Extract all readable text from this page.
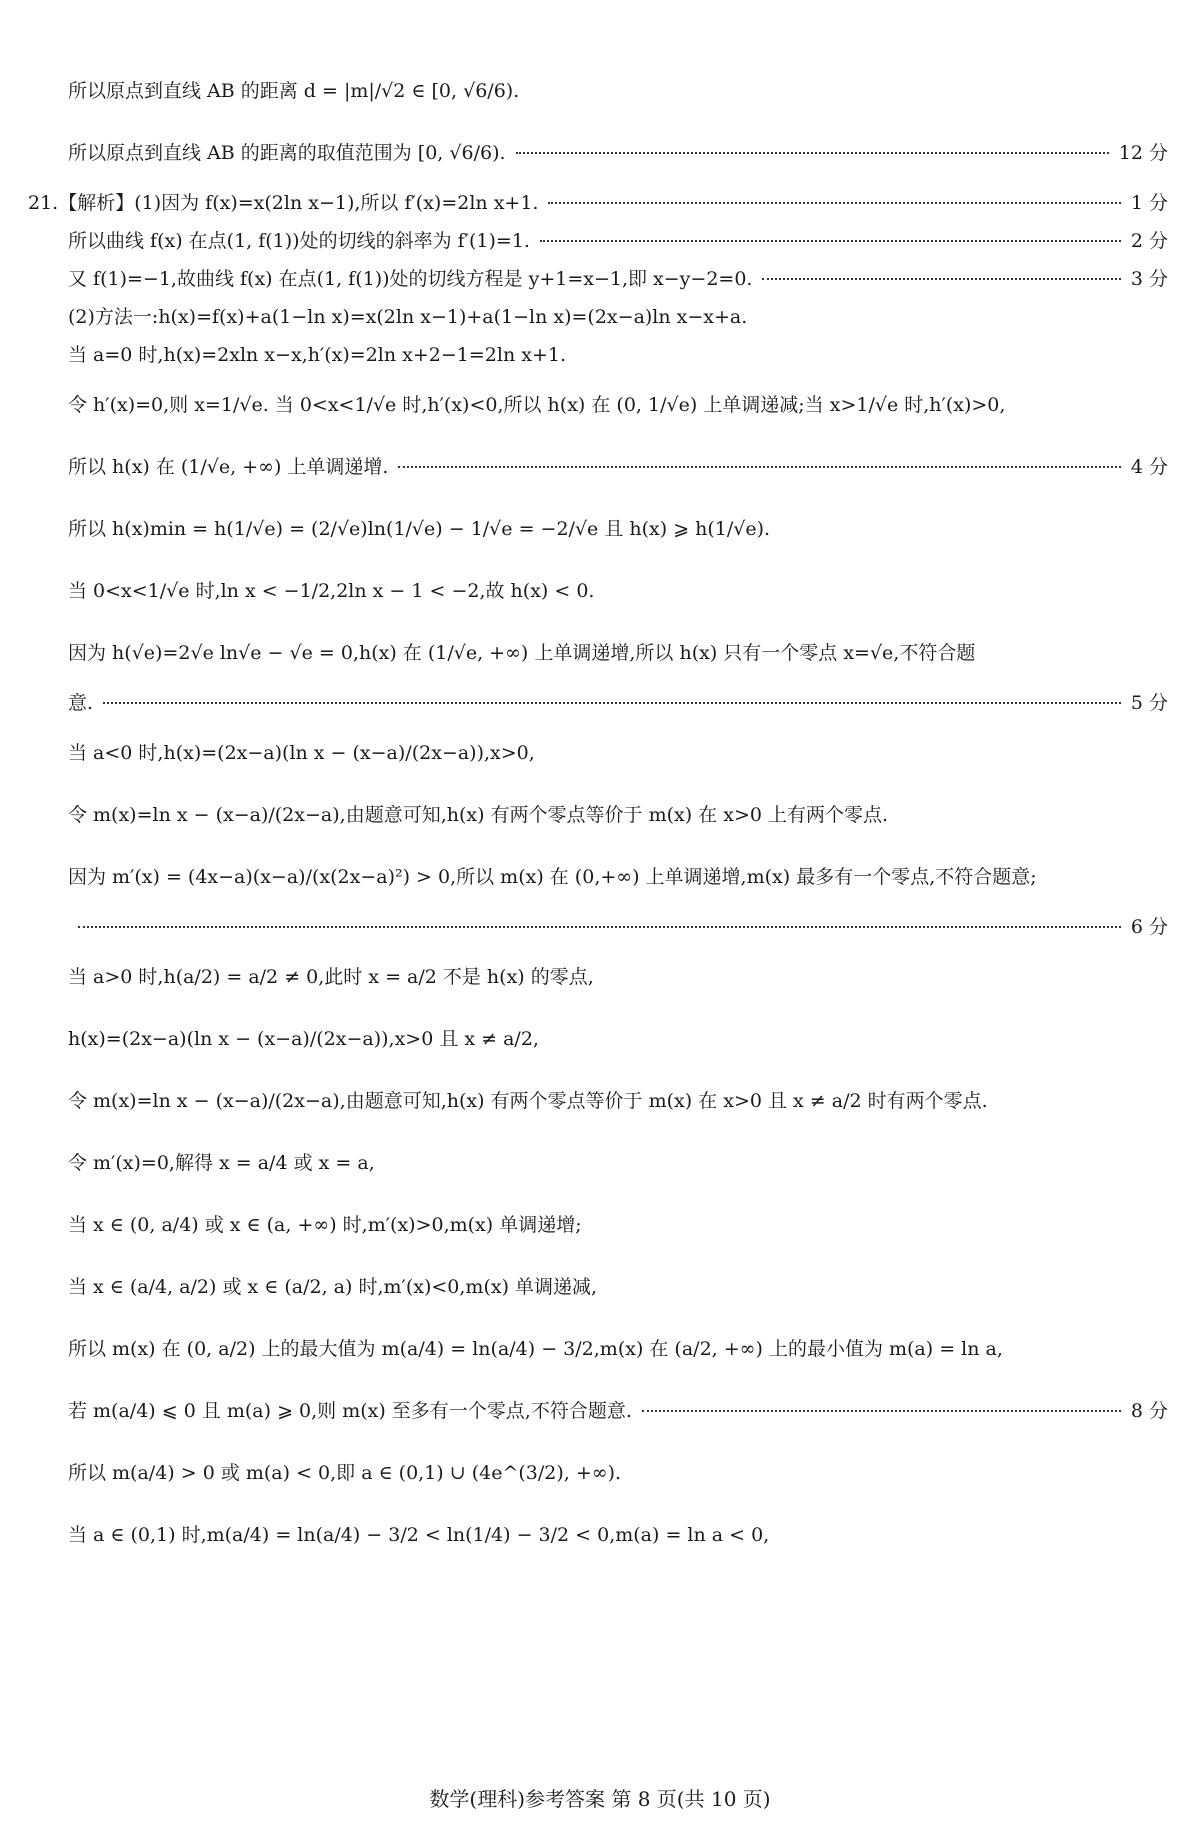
所以原点到直线 AB 的距离 d = |m|/√2 ∈ [0, √6/6).
所以原点到直线 AB 的距离的取值范围为 [0, √6/6).	12 分
21.【解析】(1)因为 f(x)=x(2ln x−1),所以 f′(x)=2ln x+1.	1 分
所以曲线 f(x) 在点(1, f(1))处的切线的斜率为 f′(1)=1.	2 分
又 f(1)=−1,故曲线 f(x) 在点(1, f(1))处的切线方程是 y+1=x−1,即 x−y−2=0.	3 分
(2)方法一:h(x)=f(x)+a(1−ln x)=x(2ln x−1)+a(1−ln x)=(2x−a)ln x−x+a.
当 a=0 时,h(x)=2xln x−x,h′(x)=2ln x+2−1=2ln x+1.
令 h′(x)=0,则 x=1/√e. 当 0<x<1/√e 时,h′(x)<0,所以 h(x) 在 (0, 1/√e) 上单调递减;当 x>1/√e 时,h′(x)>0,
所以 h(x) 在 (1/√e, +∞) 上单调递增.	4 分
所以 h(x)min = h(1/√e) = (2/√e)ln(1/√e) − 1/√e = −2/√e 且 h(x) ⩾ h(1/√e).
当 0<x<1/√e 时,ln x < −1/2,2ln x − 1 < −2,故 h(x) < 0.
因为 h(√e)=2√e ln√e − √e = 0,h(x) 在 (1/√e, +∞) 上单调递增,所以 h(x) 只有一个零点 x=√e,不符合题
意.	5 分
当 a<0 时,h(x)=(2x−a)(ln x − (x−a)/(2x−a)),x>0,
令 m(x)=ln x − (x−a)/(2x−a),由题意可知,h(x) 有两个零点等价于 m(x) 在 x>0 上有两个零点.
因为 m′(x) = (4x−a)(x−a)/(x(2x−a)²) > 0,所以 m(x) 在 (0,+∞) 上单调递增,m(x) 最多有一个零点,不符合题意;
6 分
当 a>0 时,h(a/2) = a/2 ≠ 0,此时 x = a/2 不是 h(x) 的零点,
h(x)=(2x−a)(ln x − (x−a)/(2x−a)),x>0 且 x ≠ a/2,
令 m(x)=ln x − (x−a)/(2x−a),由题意可知,h(x) 有两个零点等价于 m(x) 在 x>0 且 x ≠ a/2 时有两个零点.
令 m′(x)=0,解得 x = a/4 或 x = a,
当 x ∈ (0, a/4) 或 x ∈ (a, +∞) 时,m′(x)>0,m(x) 单调递增;
当 x ∈ (a/4, a/2) 或 x ∈ (a/2, a) 时,m′(x)<0,m(x) 单调递减,
所以 m(x) 在 (0, a/2) 上的最大值为 m(a/4) = ln(a/4) − 3/2,m(x) 在 (a/2, +∞) 上的最小值为 m(a) = ln a,
若 m(a/4) ⩽ 0 且 m(a) ⩾ 0,则 m(x) 至多有一个零点,不符合题意.	8 分
所以 m(a/4) > 0 或 m(a) < 0,即 a ∈ (0,1) ∪ (4e^(3/2), +∞).
当 a ∈ (0,1) 时,m(a/4) = ln(a/4) − 3/2 < ln(1/4) − 3/2 < 0,m(a) = ln a < 0,
数学(理科)参考答案 第 8 页(共 10 页)
